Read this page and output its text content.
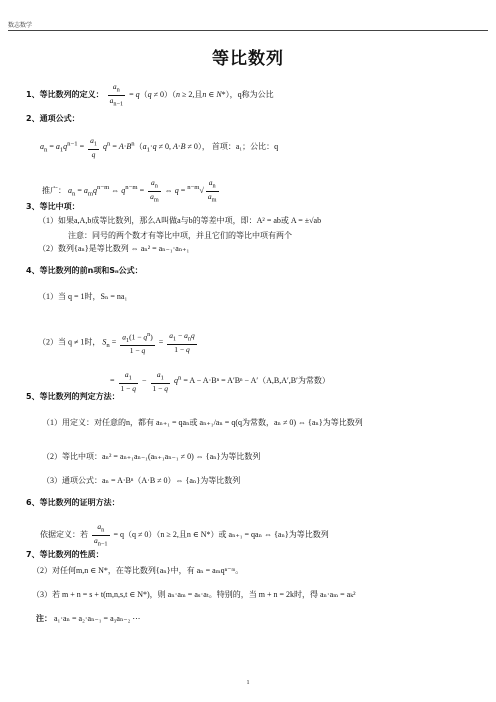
数志数学
等比数列
1、等比数列的定义： $\frac{a_n}{a_{n-1}} = q(q \ne 0)(n \ge 2$,且n ∈ N*），q称为公比
2、通项公式：
$a_n = a_1q^{n-1} = \frac{a_1}{q} q^n = A\cdot B^n(a_1\cdot q \ne 0$, A·B ≠ 0）， 首项：a₁；公比：q
推广： $a_n = a_mq^{n-m}$ ⇔ $q^{n-m} = \frac{a_n}{a_m}$ ⇔ $q = ^{n-m}√ \frac{a_n}{a_m}$
3、等比中项：
（1）如果a,A,b成等比数列，那么A叫做a与b的等差中项，即：A² = ab或 A = ±√ab
注意：同号的两个数才有等比中项，并且它们的等比中项有两个
（2）数列{aₙ}是等比数列 ⇔ aₙ² = aₙ₋₁·aₙ₊₁
4、等比数列的前n项和Sₙ公式：
（1）当 q = 1时，Sₙ = na₁
（2）当 q ≠ 1时， $S_n = \frac{a_1(1 - q^n)}{1 - q} = \frac{a_1 - a_nq}{1 - q}$
= $\frac{a_1}{1 - q} - \frac{a_1}{1 - q} q^n = A - A\cdot B^n = A'B^n - A'(A,B,A',B'$为常数）
5、等比数列的判定方法：
（1）用定义：对任意的n，都有 aₙ₊₁ = qaₙ或 aₙ₊₁/aₙ = q(q为常数，aₙ ≠ 0) ⇔ {aₙ}为等比数列
（2）等比中项：aₙ² = aₙ₊₁aₙ₋₁(aₙ₊₁aₙ₋₁ ≠ 0) ⇔ {aₙ}为等比数列
（3）通项公式：aₙ = A·Bⁿ（A·B ≠ 0）⇔ {aₙ}为等比数列
6、等比数列的证明方法：
依据定义：若 $\frac{a_n}{a_{n-1}} = q(q \ne 0)(n \ge 2$,且n ∈ N*）或 aₙ₊₁ = qaₙ ⇔ {aₙ}为等比数列
7、等比数列的性质：
（2）对任何m,n ∈ N*，在等比数列{aₙ}中，有 aₙ = aₘqⁿ⁻ᵐ。
（3）若 m + n = s + t(m,n,s,t ∈ N*)，则 aₙ·aₘ = aₛ·aₜ。特别的，当 m + n = 2k时，得 aₙ·aₘ = aₖ²
注： a₁·aₙ = a₂·aₙ₋₁ = a₃aₙ₋₂ ⋯
1
